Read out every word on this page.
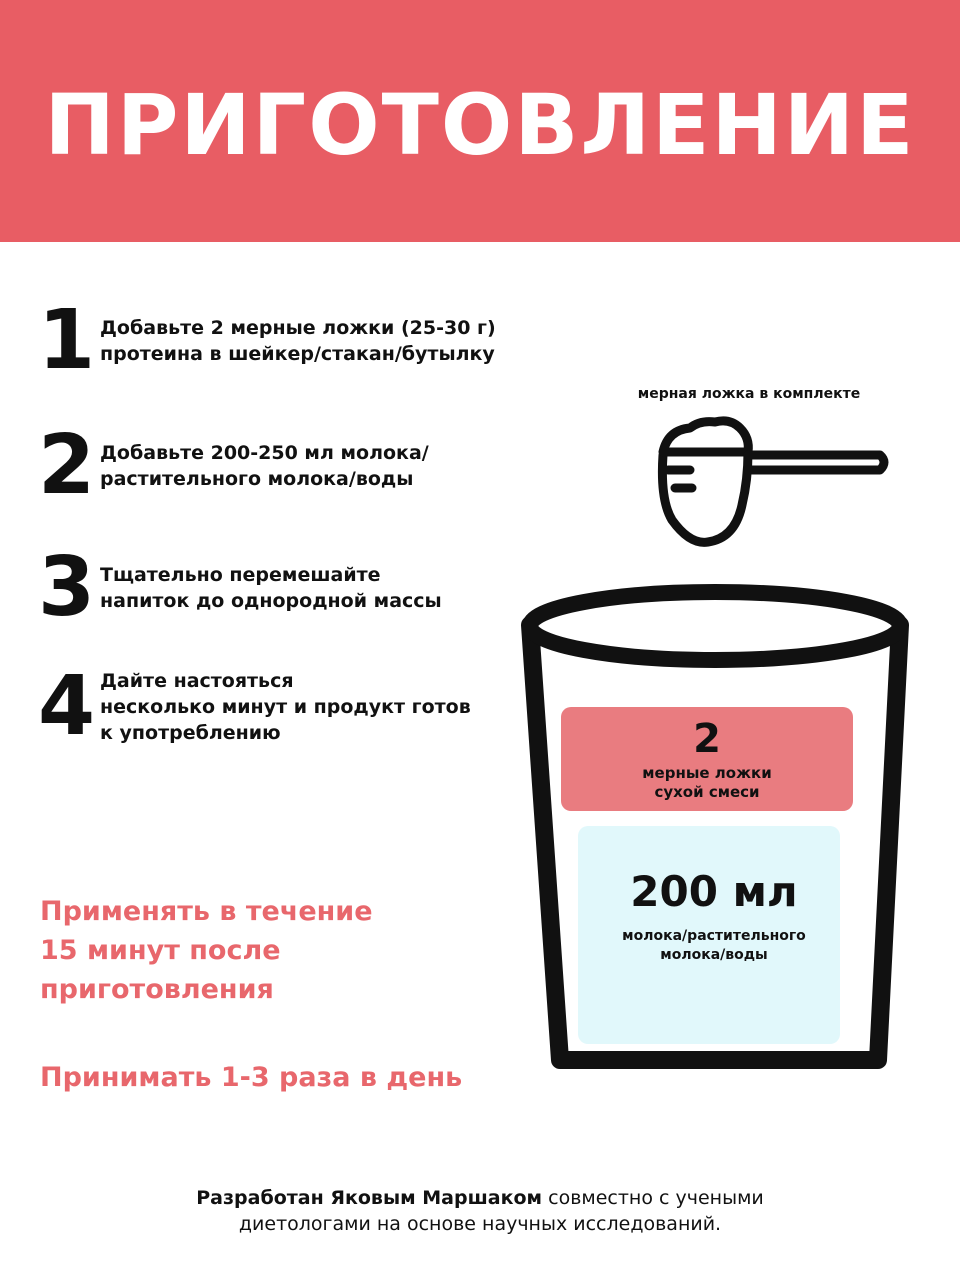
ПРИГОТОВЛЕНИЕ
1 Добавьте 2 мерные ложки (25-30 г)
протеина в шейкер/стакан/бутылку
2 Добавьте 200-250 мл молока/
растительного молока/воды
3 Тщательно перемешайте
напиток до однородной массы
4 Дайте настояться
несколько минут и продукт готов
к употреблению
Применять в течение
15 минут после
приготовления
Принимать 1-3 раза в день
мерная ложка в комплекте
2
мерные ложки
сухой смеси
200 мл
молока/растительного
молока/воды
Разработан Яковым Маршаком совместно с учеными
диетологами на основе научных исследований.
